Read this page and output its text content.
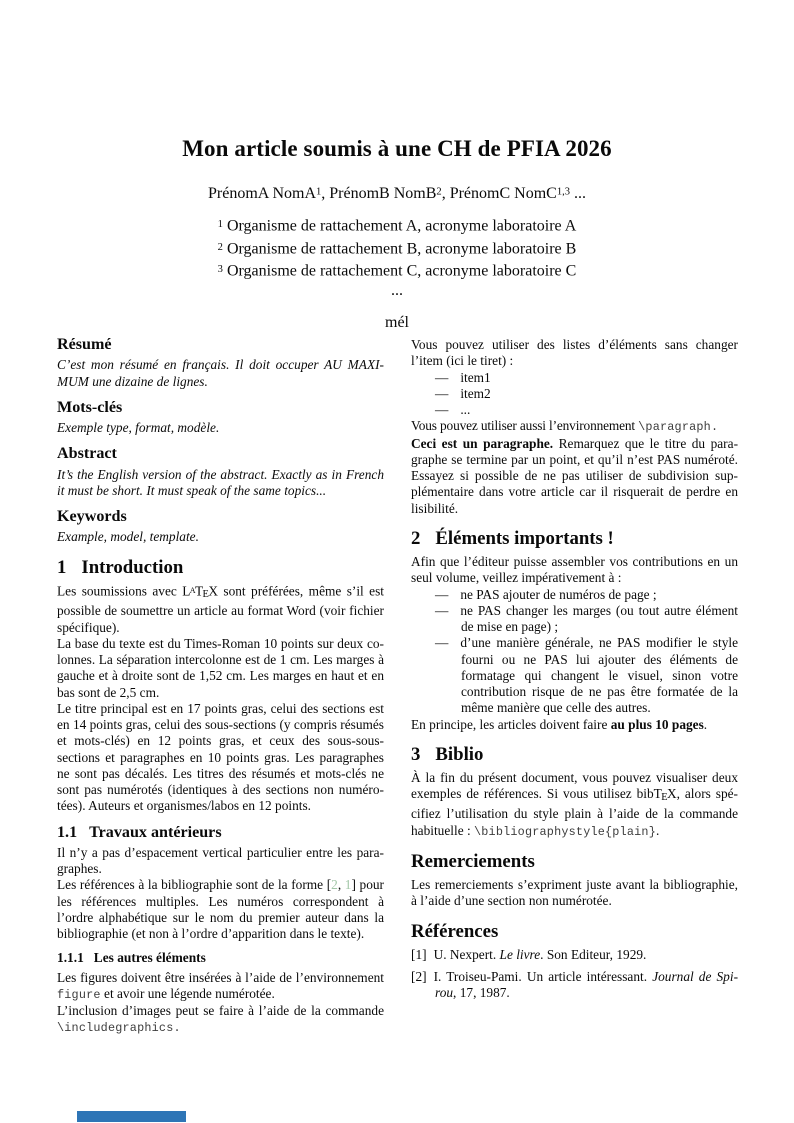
Mon article soumis à une CH de PFIA 2026
PrénomA NomA$^1$, PrénomB NomB$^2$, PrénomC NomC$^{1,3}$ ...
$^1$ Organisme de rattachement A, acronyme laboratoire A
$^2$ Organisme de rattachement B, acronyme laboratoire B
$^3$ Organisme de rattachement C, acronyme laboratoire C
...
mél
Résumé

C’est mon résumé en français. Il doit occuper AU MAXIMUM une dizaine de lignes.

Mots-clés

Exemple type, format, modèle.

Abstract

It’s the English version of the abstract. Exactly as in French it must be short. It must speak of the same topics...

Keywords

Example, model, template.

1 Introduction

Les soumissions avec LATEX sont préférées, même s’il est possible de soumettre un article au format Word (voir fichier spécifique).

La base du texte est du Times-Roman 10 points sur deux colonnes. La séparation intercolonne est de 1 cm. Les marges à gauche et à droite sont de 1,52 cm. Les marges en haut et en bas sont de 2,5 cm.

Le titre principal est en 17 points gras, celui des sections est en 14 points gras, celui des sous-sections (y compris résumés et mots-clés) en 12 points gras, et ceux des sous-sous-sections et paragraphes en 10 points gras. Les paragraphes ne sont pas décalés. Les titres des résumés et mots-clés ne sont pas numérotés (identiques à des sections non numérotées). Auteurs et organismes/labos en 12 points.

1.1 Travaux antérieurs

Il n’y a pas d’espacement vertical particulier entre les paragraphes.

Les références à la bibliographie sont de la forme [2, 1] pour les références multiples. Les numéros correspondent à l’ordre alphabétique sur le nom du premier auteur dans la bibliographie (et non à l’ordre d’apparition dans le texte).

1.1.1 Les autres éléments

Les figures doivent être insérées à l’aide de l’environnement figure et avoir une légende numérotée.

L’inclusion d’images peut se faire à l’aide de la commande \includegraphics.

Vous pouvez utiliser des listes d’éléments sans changer l’item (ici le tiret) :

— item1
— item2
— ...

Vous pouvez utiliser aussi l’environnement \paragraph.

Ceci est un paragraphe. Remarquez que le titre du paragraphe se termine par un point, et qu’il n’est PAS numéroté. Essayez si possible de ne pas utiliser de subdivision supplémentaire dans votre article car il risquerait de perdre en lisibilité.

2 Éléments importants !

Afin que l’éditeur puisse assembler vos contributions en un seul volume, veillez impérativement à :

— ne PAS ajouter de numéros de page ;
— ne PAS changer les marges (ou tout autre élément de mise en page) ;
— d’une manière générale, ne PAS modifier le style fourni ou ne PAS lui ajouter des éléments de formatage qui changent le visuel, sinon votre contribution risque de ne pas être formatée de la même manière que celle des autres.

En principe, les articles doivent faire au plus 10 pages.

3 Biblio

À la fin du présent document, vous pouvez visualiser deux exemples de références. Si vous utilisez bibTEX, alors spécifiez l’utilisation du style plain à l’aide de la commande habituelle : \bibliographystyle{plain}.

Remerciements

Les remerciements s’expriment juste avant la bibliographie, à l’aide d’une section non numérotée.

Références
[1] U. Nexpert. Le livre. Son Editeur, 1929.
[2] I. Troiseu-Pami. Un article intéressant. Journal de Spirou, 17, 1987.
